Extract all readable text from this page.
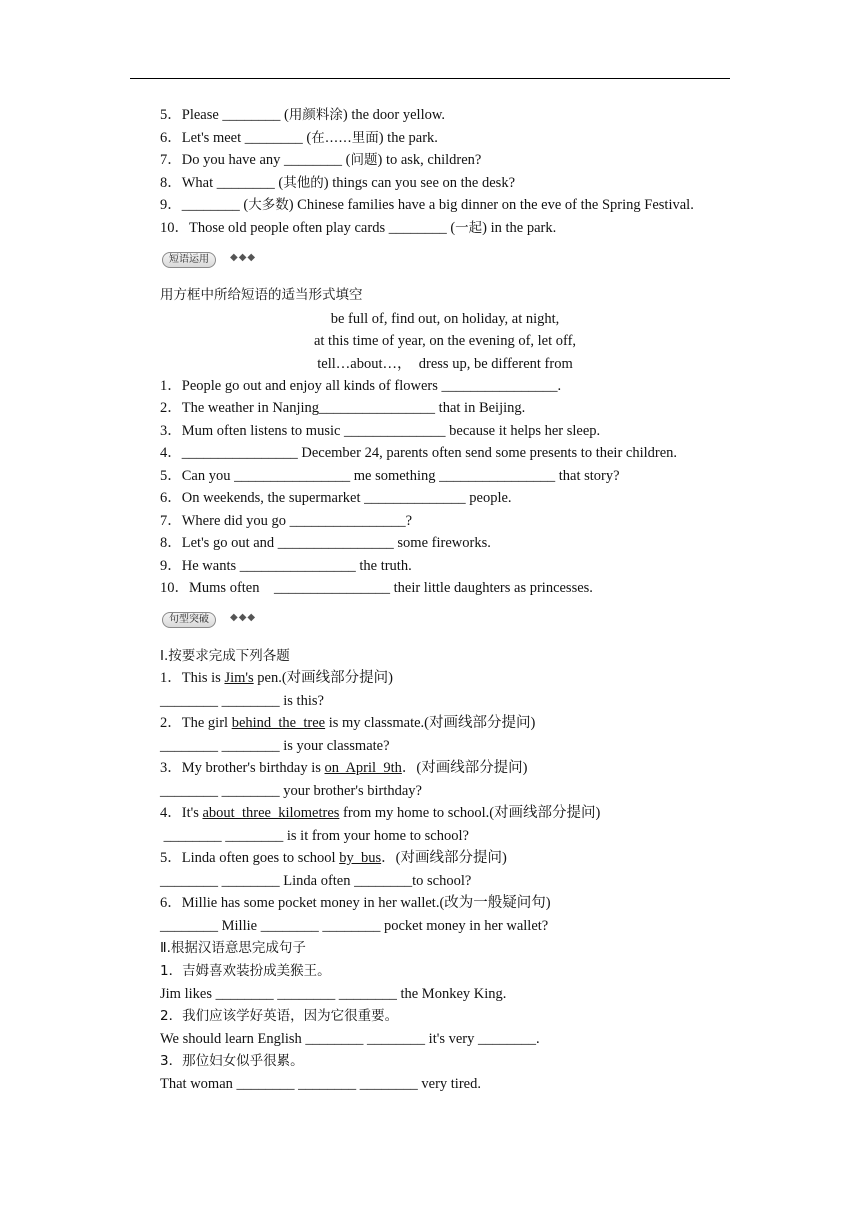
5．Please ________ (用颜料涂) the door yellow.
6．Let's meet ________ (在……里面) the park.
7．Do you have any ________ (问题) to ask, children?
8．What ________ (其他的) things can you see on the desk?
9．________ (大多数) Chinese families have a big dinner on the eve of the Spring Festival.
10．Those old people often play cards ________ (一起) in the park.
短语运用	◆◆◆
用方框中所给短语的适当形式填空
be full of, find out, on holiday, at night,
at this time of year, on the evening of, let off,
tell…about…，  dress up, be different from
1．People go out and enjoy all kinds of flowers ________________.
2．The weather in Nanjing________________ that in Beijing.
3．Mum often listens to music ______________ because it helps her sleep.
4．________________ December 24, parents often send some presents to their children.
5．Can you ________________ me something ________________ that story?
6．On weekends, the supermarket ______________ people.
7．Where did you go ________________?
8．Let's go out and ________________ some fireworks.
9．He wants ________________ the truth.
10．Mums often    ________________ their little daughters as princesses.
句型突破	◆◆◆
Ⅰ.按要求完成下列各题
1．This is Jim's pen.(对画线部分提问)
________ ________ is this?
2．The girl behind  the  tree is my classmate.(对画线部分提问)
________ ________ is your classmate?
3．My brother's birthday is on  April  9th．(对画线部分提问)
________ ________ your brother's birthday?
4．It's about  three  kilometres from my home to school.(对画线部分提问)
________ ________ is it from your home to school?
5．Linda often goes to school by  bus．(对画线部分提问)
________ ________ Linda often ________to school?
6．Millie has some pocket money in her wallet.(改为一般疑问句)
________ Millie ________ ________ pocket money in her wallet?
Ⅱ.根据汉语意思完成句子
1．吉姆喜欢装扮成美猴王。
Jim likes ________ ________ ________ the Monkey King.
2．我们应该学好英语，因为它很重要。
We should learn English ________ ________ it's very ________.
3．那位妇女似乎很累。
That woman ________ ________ ________ very tired.
